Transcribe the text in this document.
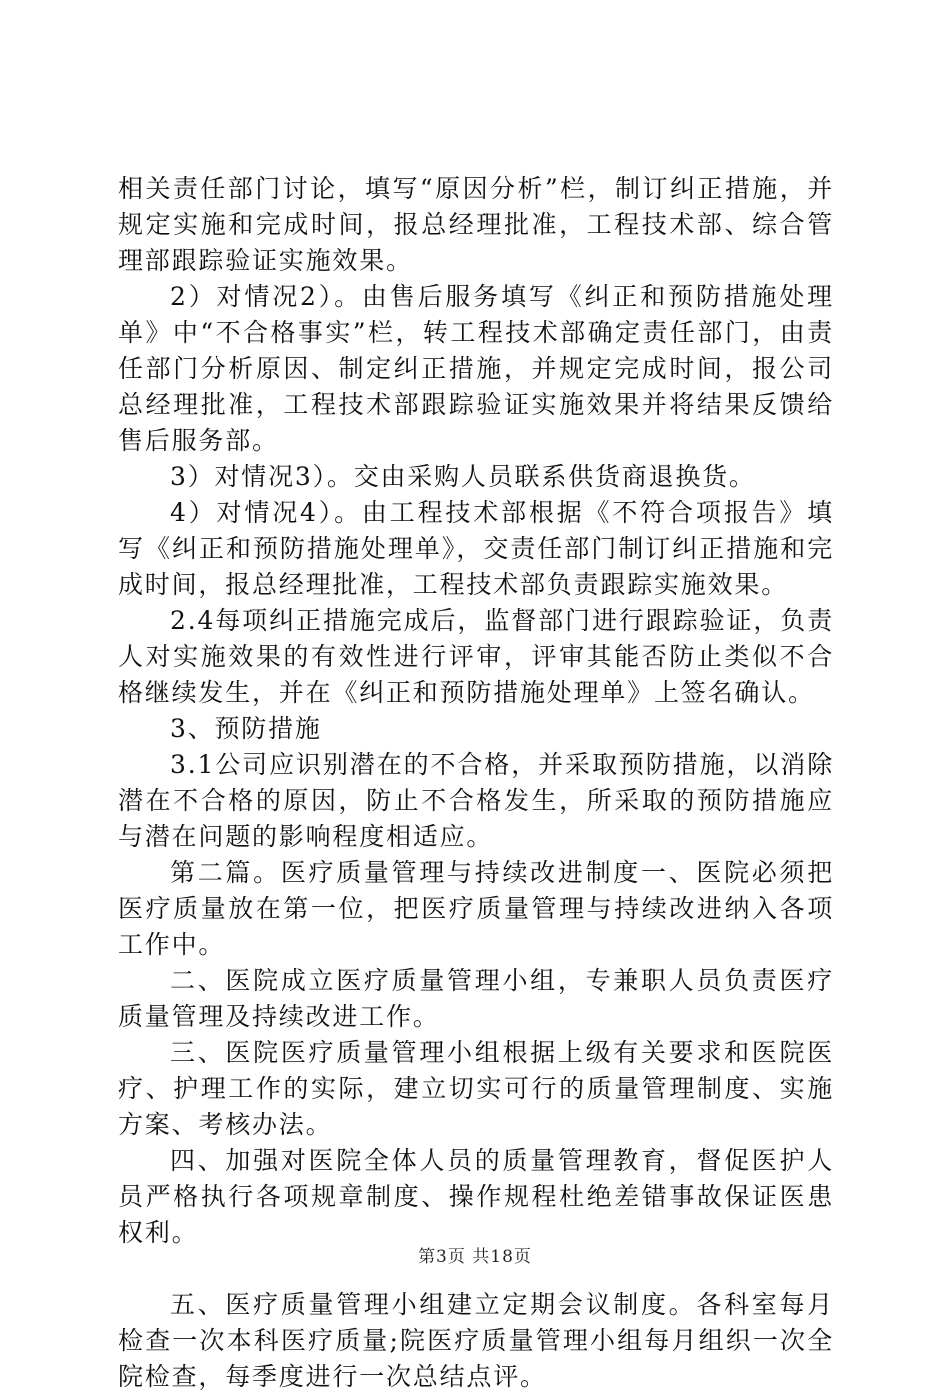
相关责任部门讨论，填写“原因分析”栏，制订纠正措施，并规定实施和完成时间，报总经理批准，工程技术部、综合管理部跟踪验证实施效果。

2）对情况2）。由售后服务填写《纠正和预防措施处理单》中“不合格事实”栏，转工程技术部确定责任部门，由责任部门分析原因、制定纠正措施，并规定完成时间，报公司总经理批准，工程技术部跟踪验证实施效果并将结果反馈给售后服务部。

3）对情况3）。交由采购人员联系供货商退换货。

4）对情况4）。由工程技术部根据《不符合项报告》填写《纠正和预防措施处理单》，交责任部门制订纠正措施和完成时间，报总经理批准，工程技术部负责跟踪实施效果。

2.4每项纠正措施完成后，监督部门进行跟踪验证，负责人对实施效果的有效性进行评审，评审其能否防止类似不合格继续发生，并在《纠正和预防措施处理单》上签名确认。

3、预防措施

3.1公司应识别潜在的不合格，并采取预防措施，以消除潜在不合格的原因，防止不合格发生，所采取的预防措施应与潜在问题的影响程度相适应。

第二篇。医疗质量管理与持续改进制度一、医院必须把医疗质量放在第一位，把医疗质量管理与持续改进纳入各项工作中。

二、医院成立医疗质量管理小组，专兼职人员负责医疗质量管理及持续改进工作。

三、医院医疗质量管理小组根据上级有关要求和医院医疗、护理工作的实际，建立切实可行的质量管理制度、实施方案、考核办法。

四、加强对医院全体人员的质量管理教育，督促医护人员严格执行各项规章制度、操作规程杜绝差错事故保证医患权利。

五、医疗质量管理小组建立定期会议制度。各科室每月检查一次本科医疗质量;院医疗质量管理小组每月组织一次全院检查，每季度进行一次总结点评。

第3页 共18页
